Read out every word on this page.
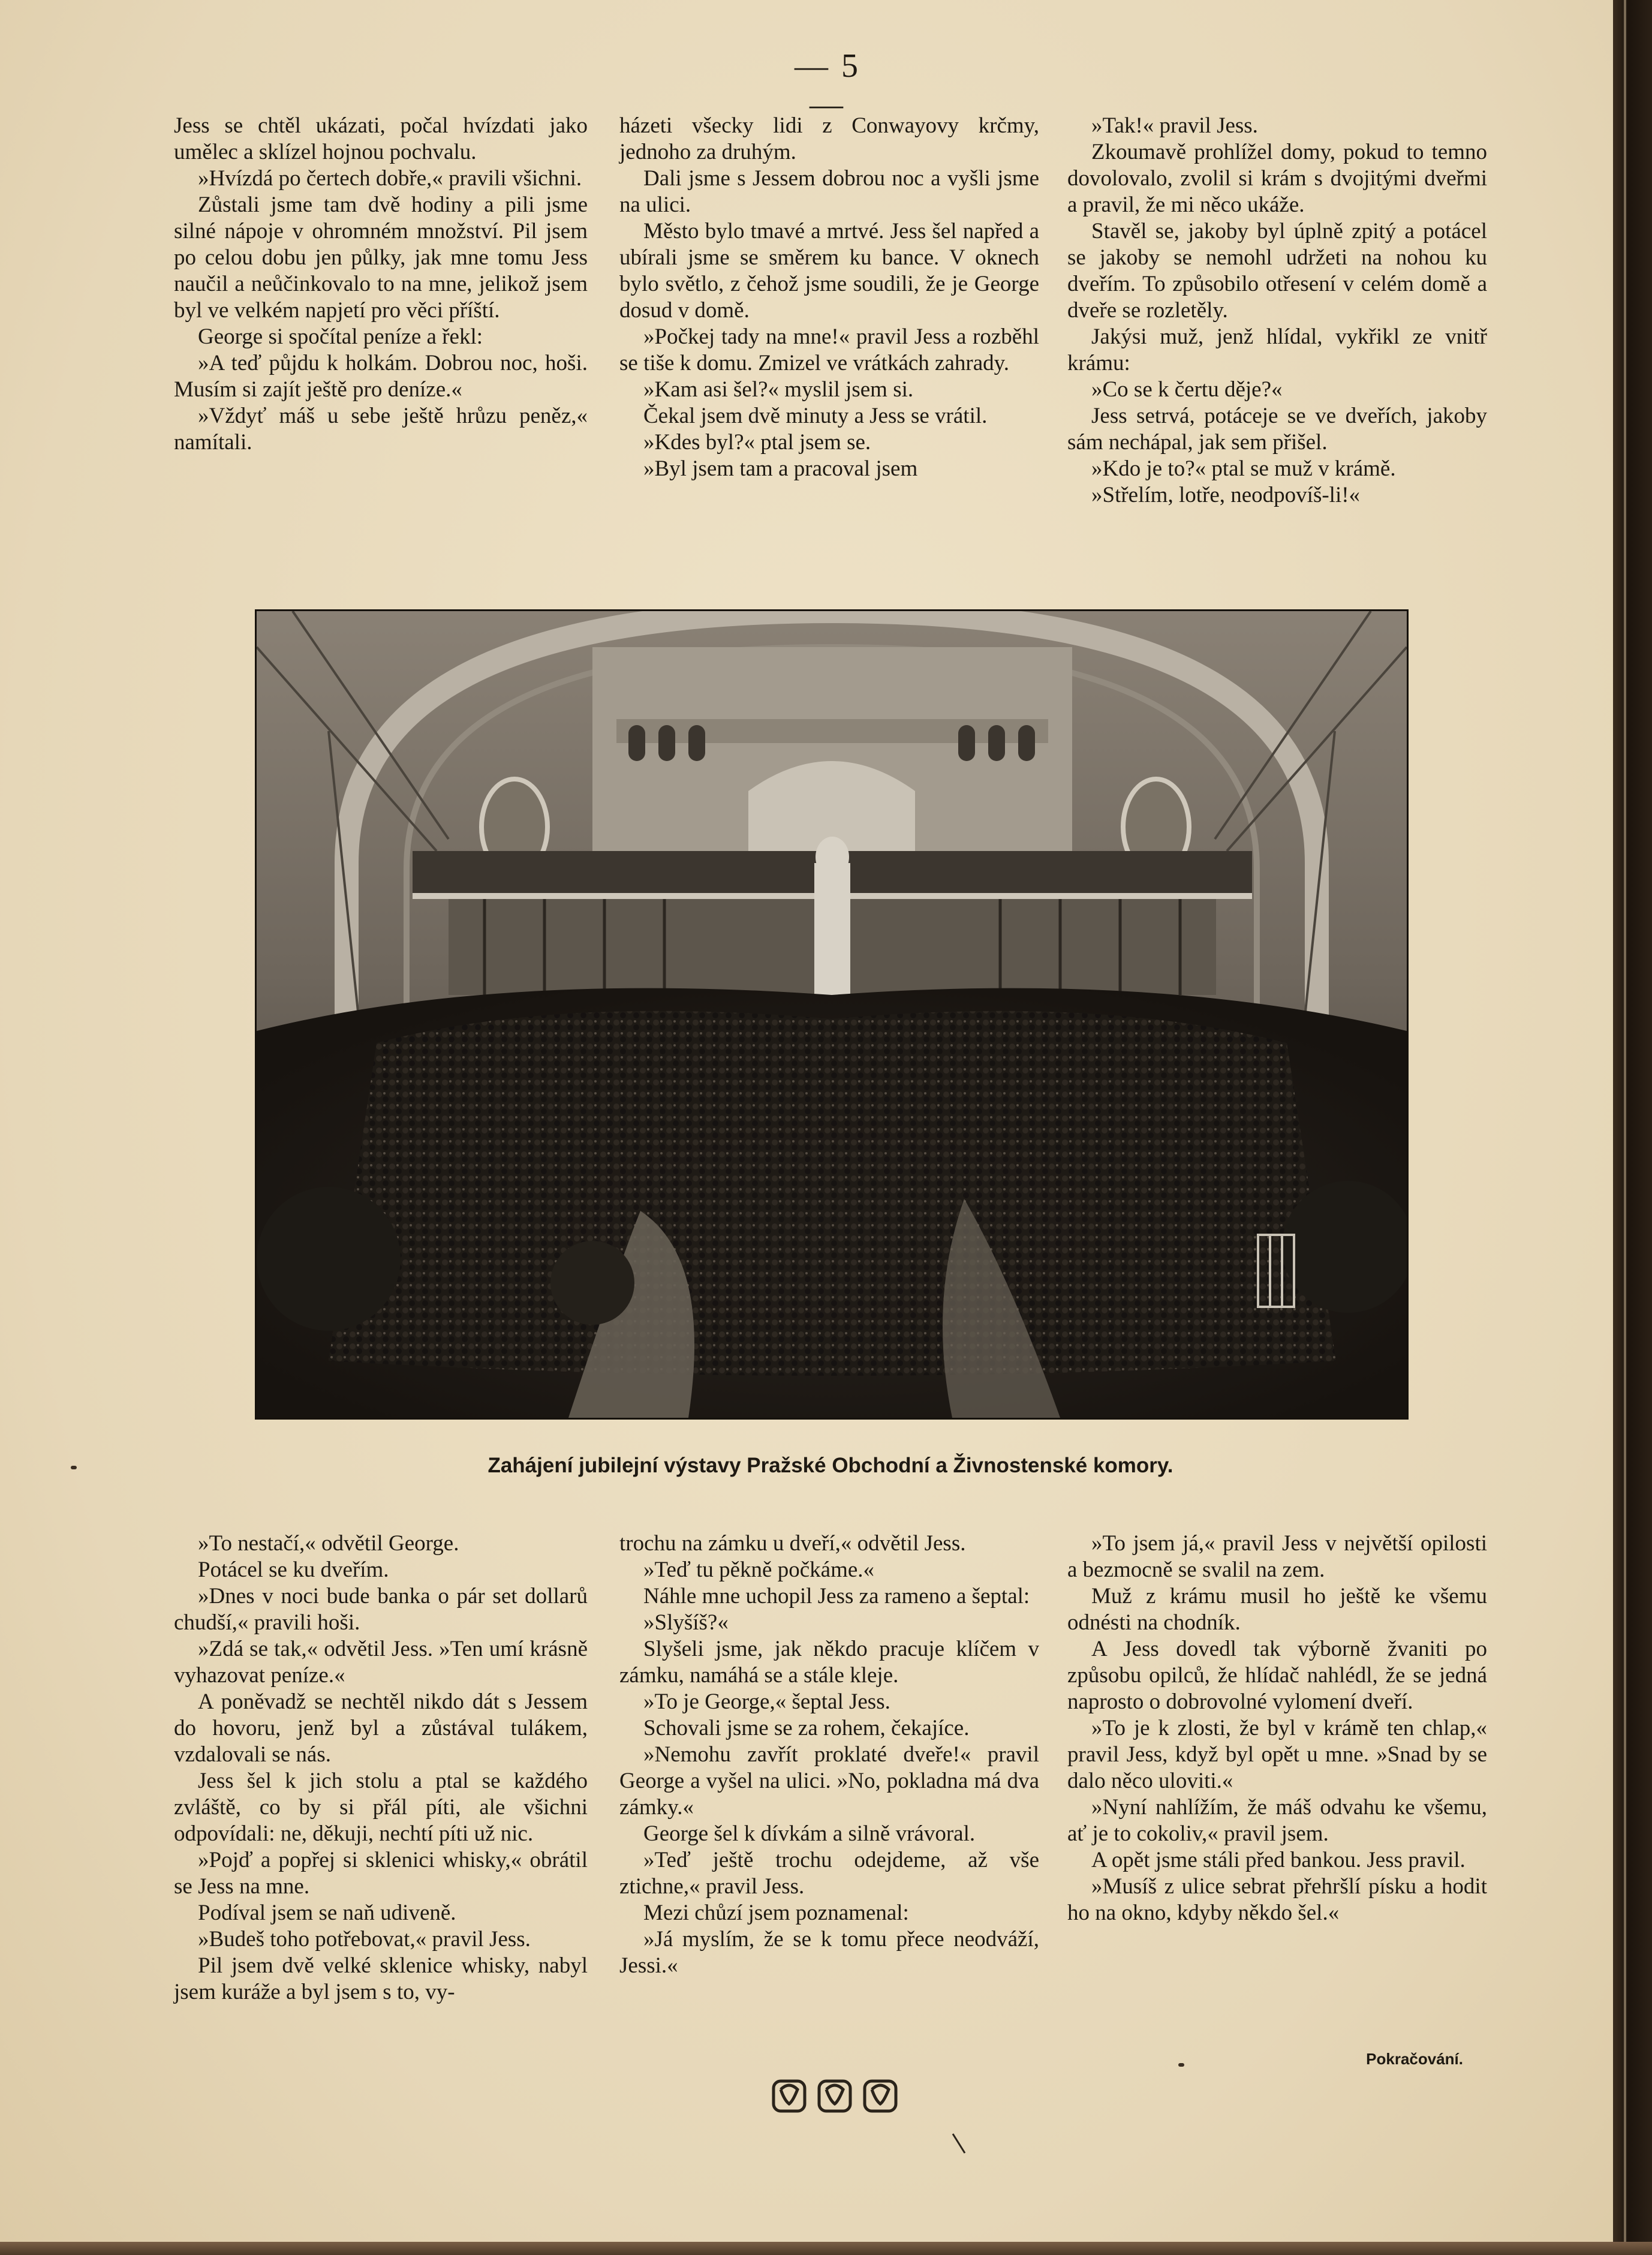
— 5 —

Jess se chtěl ukázati, počal hvízdati jako umělec a sklízel hojnou pochvalu.

»Hvízdá po čertech dobře,« pravili všichni.

Zůstali jsme tam dvě hodiny a pili jsme silné nápoje v ohromném množství. Pil jsem po celou dobu jen půlky, jak mne tomu Jess naučil a neůčinkovalo to na mne, jelikož jsem byl ve velkém napjetí pro věci příští.

George si spočítal peníze a řekl:

»A teď půjdu k holkám. Dobrou noc, hoši. Musím si zajít ještě pro deníze.«

»Vždyť máš u sebe ještě hrůzu peněz,« namítali.

házeti všecky lidi z Conwayovy krčmy, jednoho za druhým.

Dali jsme s Jessem dobrou noc a vyšli jsme na ulici.

Město bylo tmavé a mrtvé. Jess šel napřed a ubírali jsme se směrem ku bance. V oknech bylo světlo, z čehož jsme soudili, že je George dosud v domě.

»Počkej tady na mne!« pravil Jess a rozběhl se tiše k domu. Zmizel ve vrátkách zahrady.

»Kam asi šel?« myslil jsem si.

Čekal jsem dvě minuty a Jess se vrátil.

»Kdes byl?« ptal jsem se.

»Byl jsem tam a pracoval jsem

»Tak!« pravil Jess.

Zkoumavě prohlížel domy, pokud to temno dovolovalo, zvolil si krám s dvojitými dveřmi a pravil, že mi něco ukáže.

Stavěl se, jakoby byl úplně zpitý a potácel se jakoby se nemohl udržeti na nohou ku dveřím. To způsobilo otřesení v celém domě a dveře se rozletěly.

Jakýsi muž, jenž hlídal, vykřikl ze vnitř krámu:

»Co se k čertu děje?«

Jess setrvá, potáceje se ve dveřích, jakoby sám nechápal, jak sem přišel.

»Kdo je to?« ptal se muž v krámě.

»Střelím, lotře, neodpovíš-li!«

Zahájení jubilejní výstavy Pražské Obchodní a Živnostenské komory.

»To nestačí,« odvětil George.

Potácel se ku dveřím.

»Dnes v noci bude banka o pár set dollarů chudší,« pravili hoši.

»Zdá se tak,« odvětil Jess. »Ten umí krásně vyhazovat peníze.«

A poněvadž se nechtěl nikdo dát s Jessem do hovoru, jenž byl a zůstával tulákem, vzdalovali se nás.

Jess šel k jich stolu a ptal se každého zvláště, co by si přál píti, ale všichni odpovídali: ne, děkuji, nechtí píti už nic.

»Pojď a popřej si sklenici whisky,« obrátil se Jess na mne.

Podíval jsem se naň udiveně.

»Budeš toho potřebovat,« pravil Jess.

Pil jsem dvě velké sklenice whisky, nabyl jsem kuráže a byl jsem s to, vy-

trochu na zámku u dveří,« odvětil Jess.

»Teď tu pěkně počkáme.«

Náhle mne uchopil Jess za rameno a šeptal:

»Slyšíš?«

Slyšeli jsme, jak někdo pracuje klíčem v zámku, namáhá se a stále kleje.

»To je George,« šeptal Jess.

Schovali jsme se za rohem, čekajíce.

»Nemohu zavřít proklaté dveře!« pravil George a vyšel na ulici. »No, pokladna má dva zámky.«

George šel k dívkám a silně vrávoral.

»Teď ještě trochu odejdeme, až vše ztichne,« pravil Jess.

Mezi chůzí jsem poznamenal:

»Já myslím, že se k tomu přece neodváží, Jessi.«

»To jsem já,« pravil Jess v největší opilosti a bezmocně se svalil na zem.

Muž z krámu musil ho ještě ke všemu odnésti na chodník.

A Jess dovedl tak výborně žvaniti po způsobu opilců, že hlídač nahlédl, že se jedná naprosto o dobrovolné vylomení dveří.

»To je k zlosti, že byl v krámě ten chlap,« pravil Jess, když byl opět u mne. »Snad by se dalo něco uloviti.«

»Nyní nahlížím, že máš odvahu ke všemu, ať je to cokoliv,« pravil jsem.

A opět jsme stáli před bankou. Jess pravil.

»Musíš z ulice sebrat přehršlí písku a hodit ho na okno, kdyby někdo šel.«

Pokračování.
